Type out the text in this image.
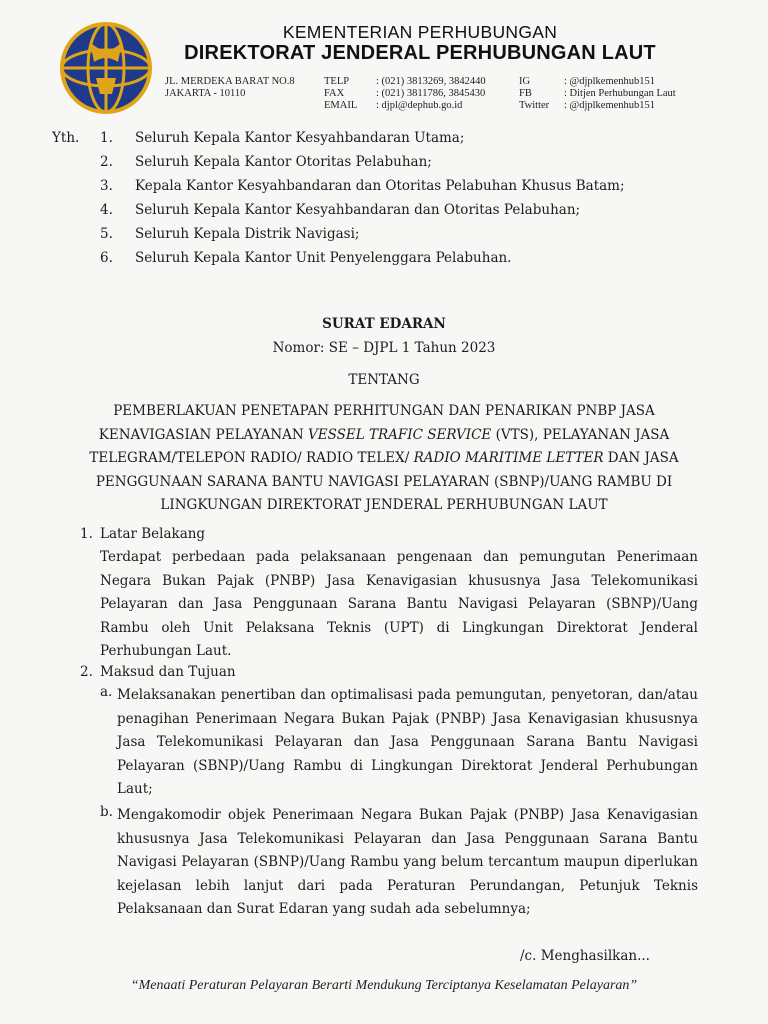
KEMENTERIAN PERHUBUNGAN
DIREKTORAT JENDERAL PERHUBUNGAN LAUT
JL. MERDEKA BARAT NO.8
JAKARTA - 10110
TELP
FAX
EMAIL
: (021) 3813269, 3842440
: (021) 3811786, 3845430
: djpl@dephub.go.id
IG
FB
Twitter
: @djplkemenhub151
: Ditjen Perhubungan Laut
: @djplkemenhub151
Yth. 1. Seluruh Kepala Kantor Kesyahbandaran Utama;
2. Seluruh Kepala Kantor Otoritas Pelabuhan;
3. Kepala Kantor Kesyahbandaran dan Otoritas Pelabuhan Khusus Batam;
4. Seluruh Kepala Kantor Kesyahbandaran dan Otoritas Pelabuhan;
5. Seluruh Kepala Distrik Navigasi;
6. Seluruh Kepala Kantor Unit Penyelenggara Pelabuhan.
SURAT EDARAN
Nomor: SE – DJPL 1 Tahun 2023
TENTANG
PEMBERLAKUAN PENETAPAN PERHITUNGAN DAN PENARIKAN PNBP JASA KENAVIGASIAN PELAYANAN VESSEL TRAFIC SERVICE (VTS), PELAYANAN JASA TELEGRAM/TELEPON RADIO/ RADIO TELEX/ RADIO MARITIME LETTER DAN JASA PENGGUNAAN SARANA BANTU NAVIGASI PELAYARAN (SBNP)/UANG RAMBU DI LINGKUNGAN DIREKTORAT JENDERAL PERHUBUNGAN LAUT
1. Latar Belakang
Terdapat perbedaan pada pelaksanaan pengenaan dan pemungutan Penerimaan Negara Bukan Pajak (PNBP) Jasa Kenavigasian khususnya Jasa Telekomunikasi Pelayaran dan Jasa Penggunaan Sarana Bantu Navigasi Pelayaran (SBNP)/Uang Rambu oleh Unit Pelaksana Teknis (UPT) di Lingkungan Direktorat Jenderal Perhubungan Laut.
2. Maksud dan Tujuan
a. Melaksanakan penertiban dan optimalisasi pada pemungutan, penyetoran, dan/atau penagihan Penerimaan Negara Bukan Pajak (PNBP) Jasa Kenavigasian khususnya Jasa Telekomunikasi Pelayaran dan Jasa Penggunaan Sarana Bantu Navigasi Pelayaran (SBNP)/Uang Rambu di Lingkungan Direktorat Jenderal Perhubungan Laut;
b. Mengakomodir objek Penerimaan Negara Bukan Pajak (PNBP) Jasa Kenavigasian khususnya Jasa Telekomunikasi Pelayaran dan Jasa Penggunaan Sarana Bantu Navigasi Pelayaran (SBNP)/Uang Rambu yang belum tercantum maupun diperlukan kejelasan lebih lanjut dari pada Peraturan Perundangan, Petunjuk Teknis Pelaksanaan dan Surat Edaran yang sudah ada sebelumnya;
/c. Menghasilkan...
“Menaati Peraturan Pelayaran Berarti Mendukung Terciptanya Keselamatan Pelayaran”
